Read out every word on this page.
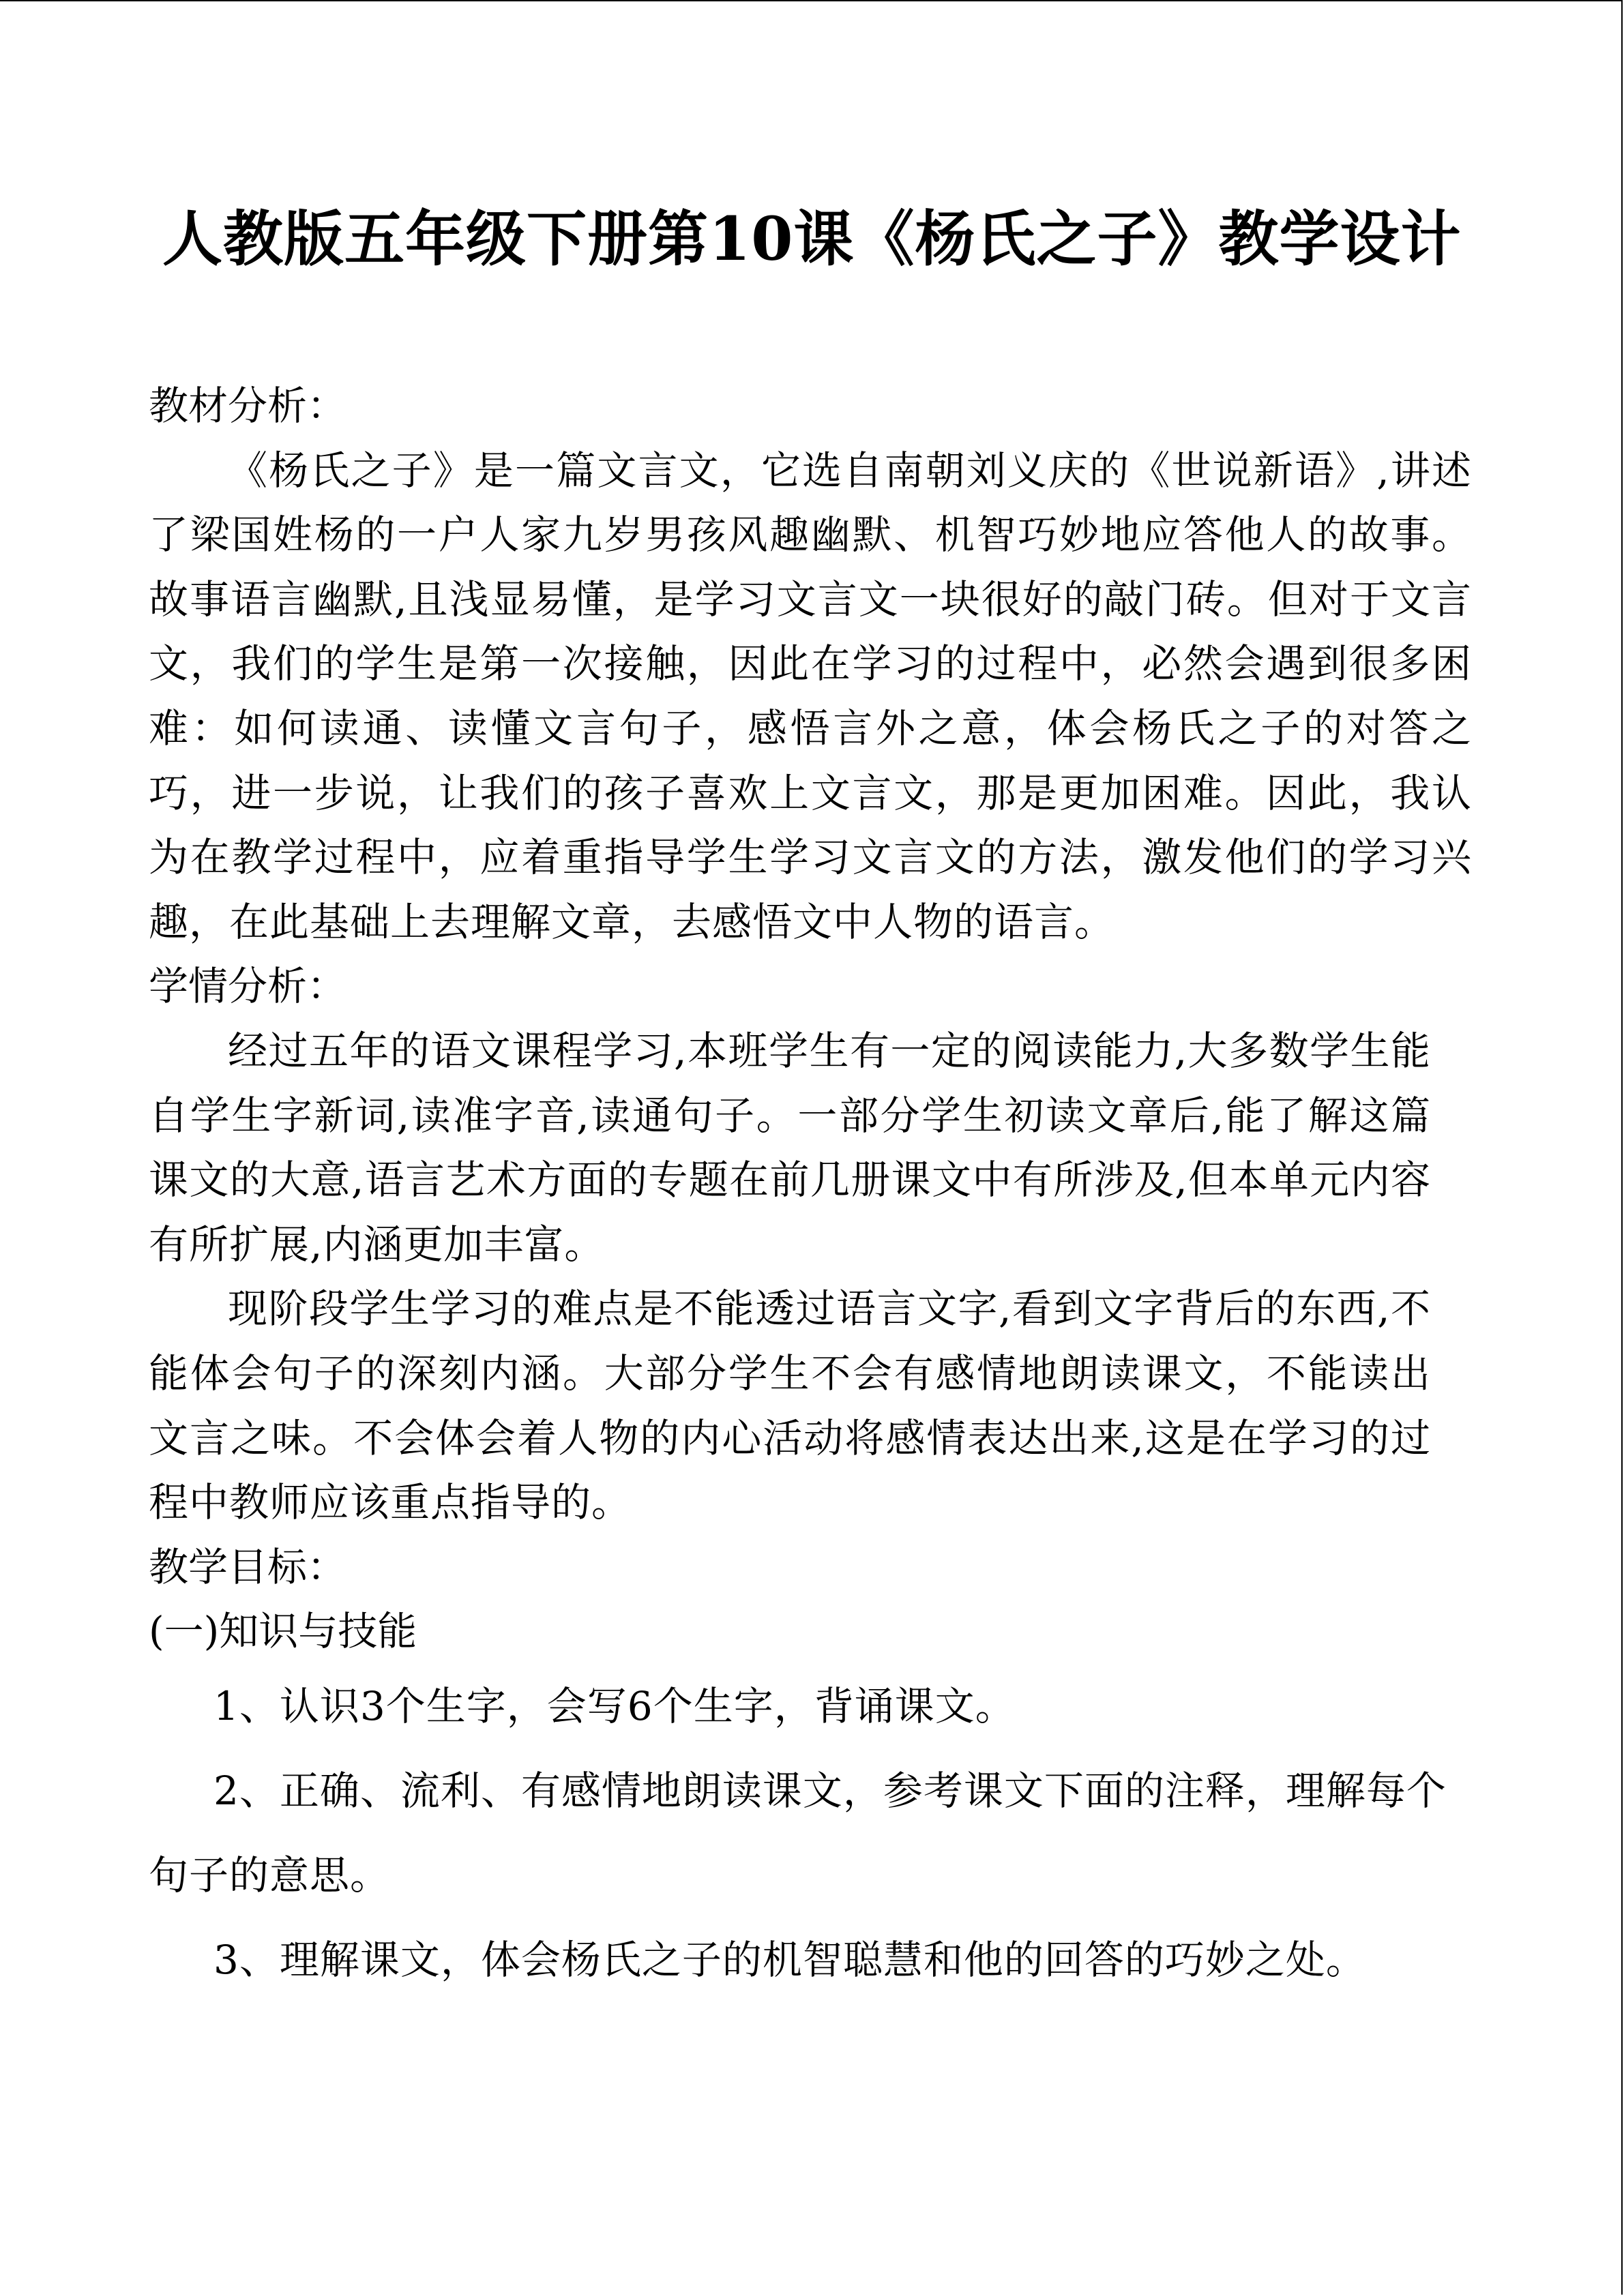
人教版五年级下册第10课《杨氏之子》教学设计

教材分析：

《杨氏之子》是一篇文言文，它选自南朝刘义庆的《世说新语》,讲述了梁国姓杨的一户人家九岁男孩风趣幽默、机智巧妙地应答他人的故事。故事语言幽默,且浅显易懂，是学习文言文一块很好的敲门砖。但对于文言文，我们的学生是第一次接触，因此在学习的过程中，必然会遇到很多困难：如何读通、读懂文言句子，感悟言外之意，体会杨氏之子的对答之巧，进一步说，让我们的孩子喜欢上文言文，那是更加困难。因此，我认为在教学过程中，应着重指导学生学习文言文的方法，激发他们的学习兴趣，在此基础上去理解文章，去感悟文中人物的语言。

学情分析：

经过五年的语文课程学习,本班学生有一定的阅读能力,大多数学生能自学生字新词,读准字音,读通句子。一部分学生初读文章后,能了解这篇课文的大意,语言艺术方面的专题在前几册课文中有所涉及,但本单元内容有所扩展,内涵更加丰富。

现阶段学生学习的难点是不能透过语言文字,看到文字背后的东西,不能体会句子的深刻内涵。大部分学生不会有感情地朗读课文，不能读出文言之味。不会体会着人物的内心活动将感情表达出来,这是在学习的过程中教师应该重点指导的。

教学目标：

(一)知识与技能

1、认识3个生字，会写6个生字，背诵课文。
2、正确、流利、有感情地朗读课文，参考课文下面的注释，理解每个
句子的意思。
3、理解课文，体会杨氏之子的机智聪慧和他的回答的巧妙之处。
